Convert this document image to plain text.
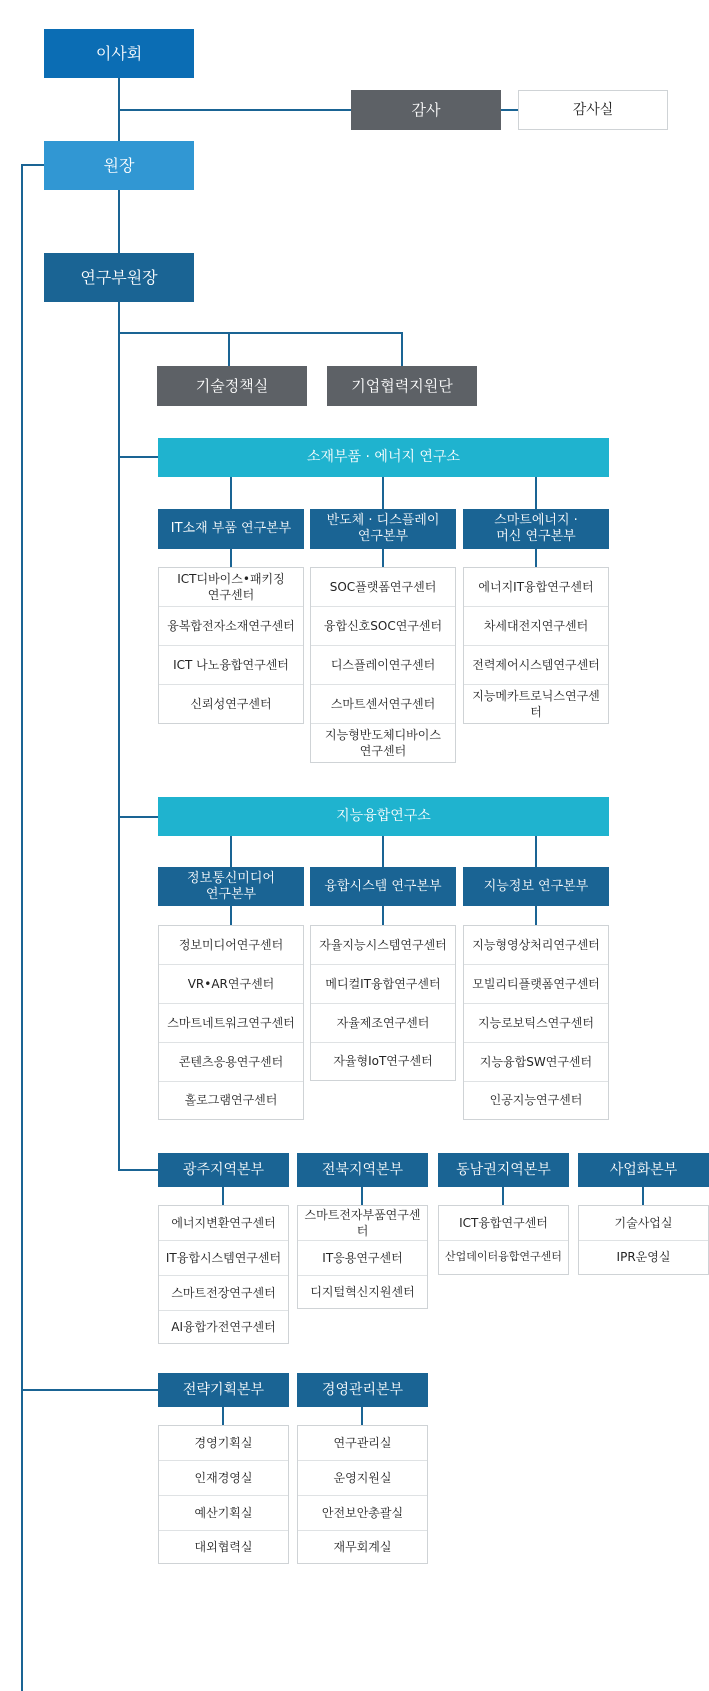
이사회
감사	감사실
원장
연구부원장
기술정책실	기업협력지원단
소재부품 · 에너지 연구소
IT소재 부품 연구본부
반도체 · 디스플레이
연구본부
스마트에너지 ·
머신 연구본부
ICT디바이스•패키징
연구센터
융복합전자소재연구센터
ICT 나노융합연구센터
신뢰성연구센터
SOC플랫폼연구센터
융합신호SOC연구센터
디스플레이연구센터
스마트센서연구센터
지능형반도체디바이스
연구센터
에너지IT융합연구센터
차세대전지연구센터
전력제어시스템연구센터
지능메카트로닉스연구센터
지능융합연구소
정보통신미디어
연구본부
융합시스템 연구본부	지능정보 연구본부
정보미디어연구센터
VR•AR연구센터
스마트네트워크연구센터
콘텐츠응용연구센터
홀로그램연구센터
자율지능시스템연구센터
메디컬IT융합연구센터
자율제조연구센터
자율형IoT연구센터
지능형영상처리연구센터
모빌리티플랫폼연구센터
지능로보틱스연구센터
지능융합SW연구센터
인공지능연구센터
광주지역본부	전북지역본부	동남권지역본부	사업화본부
에너지변환연구센터
IT융합시스템연구센터
스마트전장연구센터
AI융합가전연구센터
스마트전자부품연구센터
IT응용연구센터
디지털혁신지원센터
ICT융합연구센터
산업데이터융합연구센터
기술사업실
IPR운영실
전략기획본부	경영관리본부
경영기획실
인재경영실
예산기획실
대외협력실
연구관리실
운영지원실
안전보안총괄실
재무회계실
